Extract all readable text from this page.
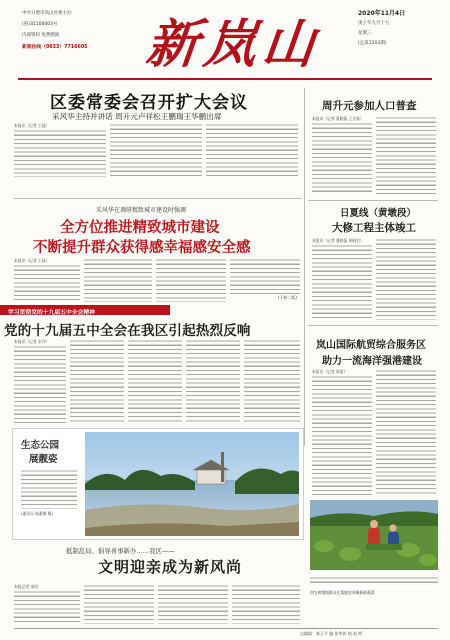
中共日照市岚山区委主办
(鲁)31100003号
内部资料 免费赠阅
新闻热线（0633）7716605 新岚山	2020年11月4日
庚子年九月十九
星期三
(总第1203期)
区委常委会召开扩大会议
采风华主持并讲话 周升元卢祥松王鹏瑞王华鹏出席
本报讯（记者 王磊）
周升元参加人口普查
本报讯（记者 董晓磊 王乔磊）
采风华在调研精致城市建设时强调
全方位推进精致城市建设
不断提升群众获得感幸福感安全感
本报讯（记者 王磊）
(下转二版)
日夏线（黄墩段）
大修工程主体竣工
本报讯（记者 董晓磊 胡晓君）
学习贯彻党的十九届五中全会精神
党的十九届五中全会在我区引起热烈反响
本报讯（记者 宋乔）	岚山国际航贸综合服务区
助力一流海洋强港建设
本报讯（记者 陈蕾）
生态公园
展靓姿
(通讯员 杨素娜 摄)
抵制乱局、倡导喜事新办……我区——
文明迎亲成为新风尚
本报记者 宋昭
图为黄墩镇群众在菜地里采摘新鲜蔬菜
总编辑：陈玉平 编 张华伟 校 赵 辉
